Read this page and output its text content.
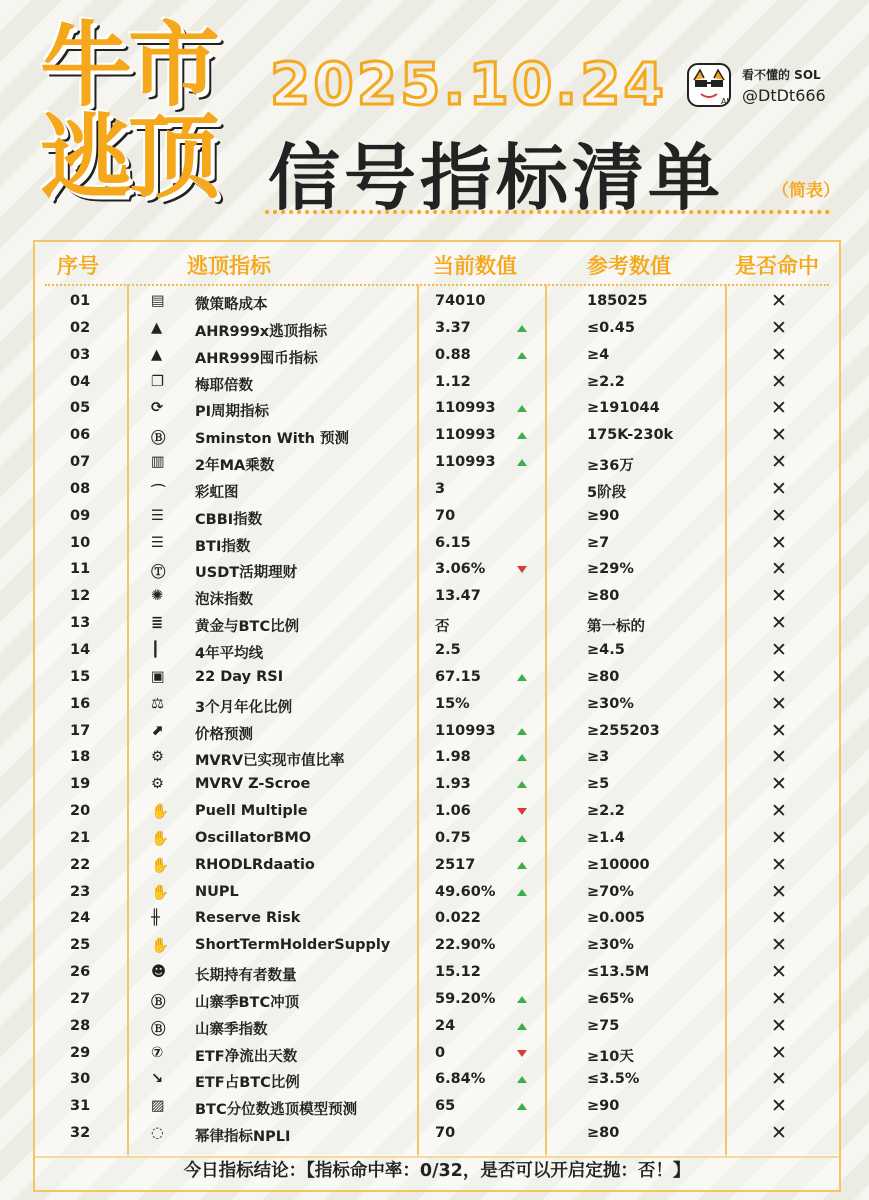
牛市
逃顶
2025.10.24
信号指标清单	（简表）
AI
看不懂的 SOL
@DtDt666
序号	逃顶指标	当前数值	参考数值	是否命中
01	▤ 微策略成本	74010	185025	✕
02	▲	AHR999x逃顶指标	3.37	≤0.45	✕
03	▲	AHR999囤币指标	0.88	≥4	✕
04	❐	梅耶倍数	1.12	≥2.2	✕
05	⟳	PI周期指标	110993	≥191044	✕
06	Ⓑ Sminston With 预测	110993	175K-230k	✕
07	▥ 2年MA乘数	110993	≥36万	✕
08	⌒ 彩虹图	3	5阶段	✕
09	☰	CBBI指数	70	≥90	✕
10	☰	BTI指数	6.15	≥7	✕
11	Ⓣ USDT活期理财	3.06%	≥29%	✕
12	✺	泡沫指数	13.47	≥80	✕
13	≣	黄金与BTC比例	否	第一标的	✕
14	┃	4年平均线	2.5	≥4.5	✕
15	▣ 22 Day RSI	67.15	≥80	✕
16	⚖	3个月年化比例	15%	≥30%	✕
17	⬈	价格预测	110993	≥255203	✕
18	⚙	MVRV已实现市值比率	1.98	≥3	✕
19	⚙	MVRV Z-Scroe	1.93	≥5	✕
20	✋ Puell Multiple	1.06	≥2.2	✕
21	✋ OscillatorBMO	0.75	≥1.4	✕
22	✋ RHODLRdaatio	2517	≥10000	✕
23	✋ NUPL	49.60%	≥70%	✕
24	╫	Reserve Risk	0.022	≥0.005	✕
25	✋ ShortTermHolderSupply	22.90%	≥30%	✕
26	☻ 长期持有者数量	15.12	≤13.5M	✕
27	Ⓑ 山寨季BTC冲顶	59.20%	≥65%	✕
28	Ⓑ 山寨季指数	24	≥75	✕
29	⑦	ETF净流出天数	0	≥10天	✕
30	↘	ETF占BTC比例	6.84%	≤3.5%	✕
31	▨ BTC分位数逃顶模型预测	65	≥90	✕
32	◌	幂律指标NPLI	70	≥80	✕
今日指标结论：【指标命中率：0/32，是否可以开启定抛：否！】
